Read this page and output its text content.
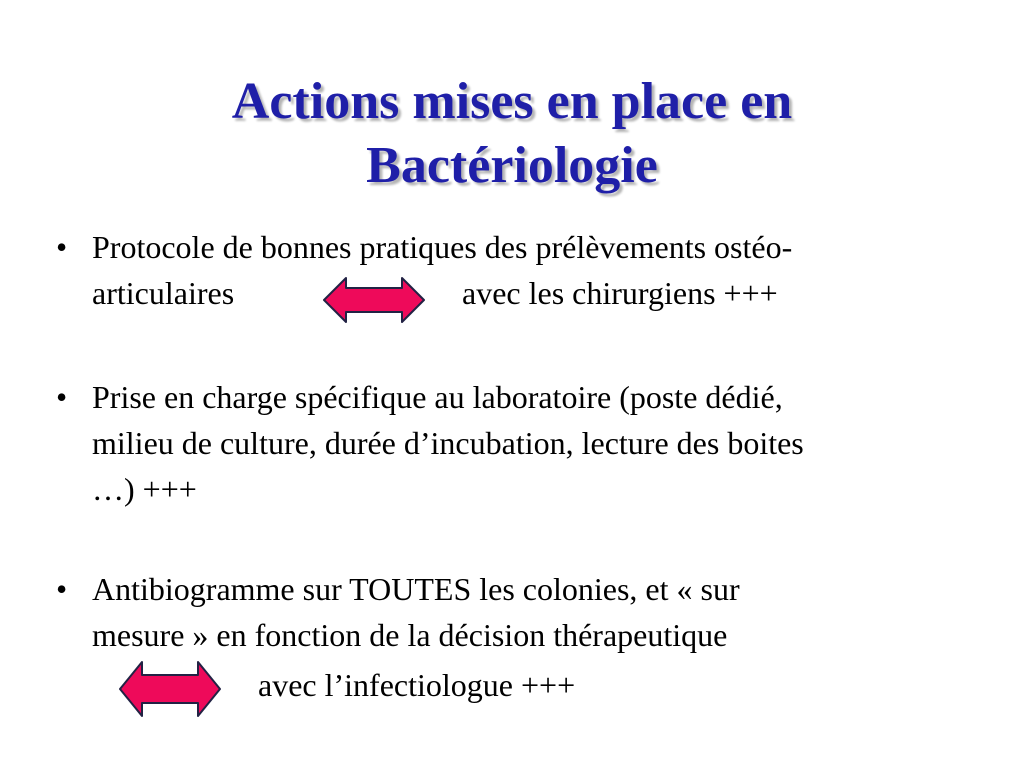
Actions mises en place en
Bactériologie
• Protocole de bonnes pratiques des prélèvements ostéo-
articulaires	avec les chirurgiens +++
• Prise en charge spécifique au laboratoire (poste dédié,
milieu de culture, durée d’incubation, lecture des boites
…) +++
• Antibiogramme sur TOUTES les colonies, et « sur
mesure » en fonction de la décision thérapeutique
avec l’infectiologue +++
